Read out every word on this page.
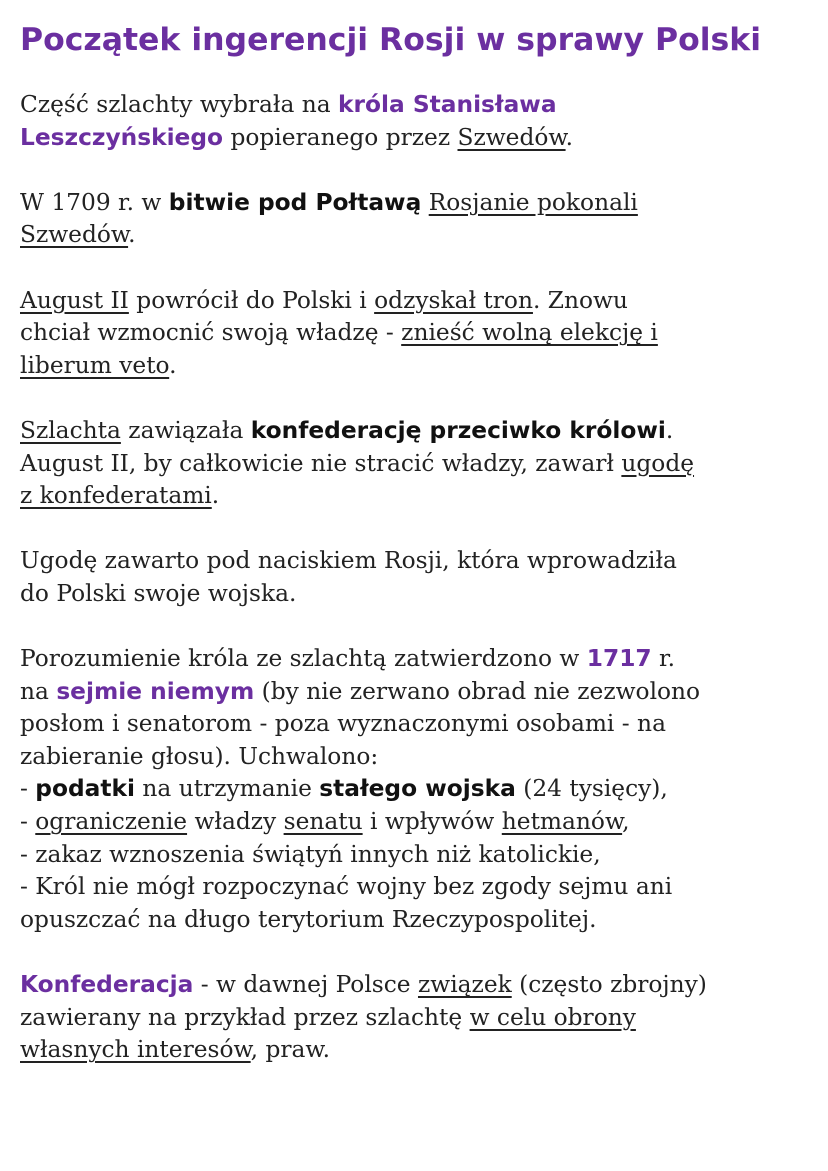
Początek ingerencji Rosji w sprawy Polski

Część szlachty wybrała na króla Stanisława
Leszczyńskiego popieranego przez Szwedów.

W 1709 r. w bitwie pod Połtawą Rosjanie pokonali
Szwedów.

August II powrócił do Polski i odzyskał tron. Znowu
chciał wzmocnić swoją władzę - znieść wolną elekcję i
liberum veto.

Szlachta zawiązała konfederację przeciwko królowi.
August II, by całkowicie nie stracić władzy, zawarł ugodę
z konfederatami.

Ugodę zawarto pod naciskiem Rosji, która wprowadziła
do Polski swoje wojska.

Porozumienie króla ze szlachtą zatwierdzono w 1717 r.
na sejmie niemym (by nie zerwano obrad nie zezwolono
posłom i senatorom - poza wyznaczonymi osobami - na
zabieranie głosu). Uchwalono:
- podatki na utrzymanie stałego wojska (24 tysięcy),
- ograniczenie władzy senatu i wpływów hetmanów,
- zakaz wznoszenia świątyń innych niż katolickie,
- Król nie mógł rozpoczynać wojny bez zgody sejmu ani
opuszczać na długo terytorium Rzeczypospolitej.

Konfederacja - w dawnej Polsce związek (często zbrojny)
zawierany na przykład przez szlachtę w celu obrony
własnych interesów, praw.
